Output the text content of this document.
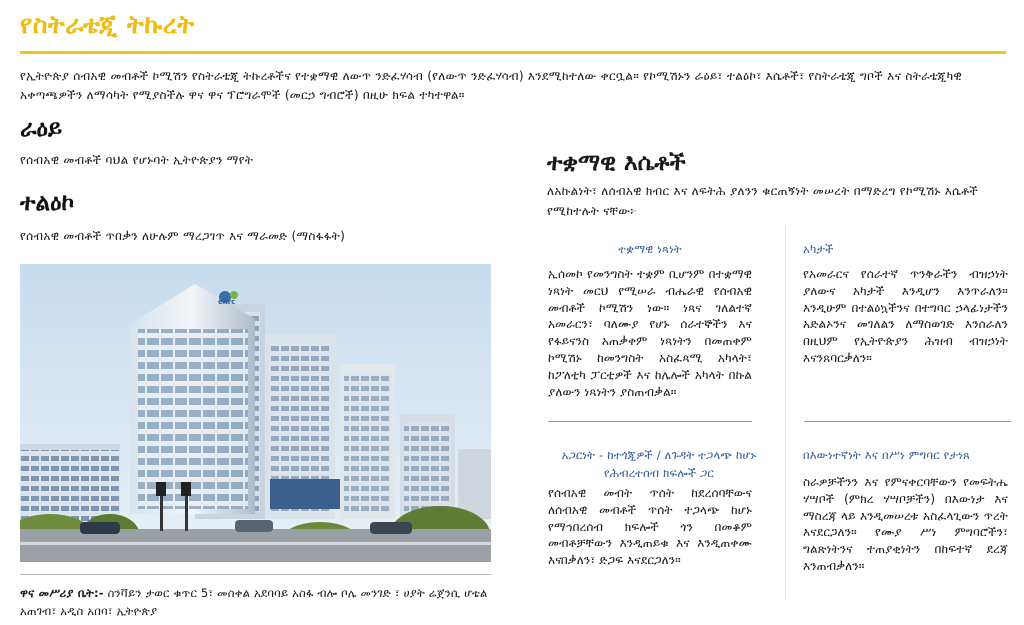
የስትራቴጂ ትኩረት

የኢትዮጵያ ሰብአዊ መብቶች ኮሚሽን የስትራቴጂ ትኩረቶችና የተቋማዊ ለውጥ ንድፈሃሳብ (የለውጥ ንድፈሃሳብ) እንደሚከተለው ቀርቧል። የኮሚሽኑን ራዕይ፣ ተልዕኮ፣ እሴቶች፣ የስትራቴጂ ግቦች እና ስትራቴጂካዊ አቀጣጫዎችን ለማሳካት የሚያስችሉ ዋና ዋና ፕሮግራሞች (መርኃ ግብሮች) በዚሁ ክፍል ተካተዋል።

ራዕይ

የሰብአዊ መብቶች ባህል የሆኑባት ኢትዮጵያን ማየት

ተልዕኮ

የሰብአዊ መብቶች ጥበቃን ለሁሉም ማረጋገጥ እና ማራመድ (ማስፋፋት)

ehrc

ዋና መሥሪያ ቤት:- ስንቫይን ታወር ቁጥር 5፣ መስቀል አደባባይ አስፋ ብሎ ቦሌ መንገድ ፣ ሀያት ሬጀንሲ ሆቴል አጠገብ፣ አዲስ አበባ፣ ኢትዮጵያ

ተቋማዊ እሴቶች

ለአኩልነት፣ ለሰብአዊ ክብር እና ለፍትሕ ያለንን ቁርጠኝነት መሠረት በማድረግ የኮሚሽኑ እሴቶች የሚከተሉት ናቸው፦

ተቋማዊ ነጻነት

ኢሰመኮ የመንግስት ተቋም ቢሆንም በተቋማዊ ነጻነት መርህ የሚሠራ ብሔራዊ የሰብአዊ መብቶች ኮሚሽን ነው። ነጻና ገለልተኛ አመራርን፣ ባለሙያ የሆኑ ሰራተኞችን እና የፋይናንስ አጠቃቀም ነጻነትን በመጠቀም ኮሚሽኑ ከመንግስት አስፈጻሚ አካላት፣ ከፖለቲካ ፓርቲዎች እና ከሌሎች አካላት በኩል ያለውን ነጻነትን ያስጠብቃል።

አካታች

የአመራርና የሰራተኛ ጥንቅራችን ብዝኃነት ያለውና አካታች እንዲሆን እንጥራለን። እንዲሁም በተልዕኳችንና በተግባር ኃላፊነታችን አድልኦንና መገለልን ለማስወገድ እንሰራለን በዚህም የኢትዮጵያን ሕዝብ ብዝኃነት እናንጸባርቃለን።

አጋርነት - ከተጎጂዎች / ለጉዳት ተጋላጭ ከሆኑ የሕብረተሰብ ክፍሎች ጋር

የሰብአዊ መብት ጥሰት ከደረሰባቸውና ለሰብአዊ መብቶች ጥሰት ተጋላጭ ከሆኑ የማኅበረሰብ ክፍሎች ጎን በመቆም መብቶቻቸውን እንዲጠይቁ እና እንዲጠቀሙ እናበቃለን፣ ድጋፍ እናደርጋለን።

በእውነተኛነት እና በሥነ ምግባር የታነጸ

ስራዎቻችንን እና የምናቀርባቸውን የመፍትሔ ሃሣቦች (ምክረ ሃሣቦቻችን) በእውነታ እና ማስረጃ ላይ እንዲመሠረቱ አስፈላጊውን ጥረት እናደርጋለን። የሙያ ሥነ ምግባሮችን፣ ግልጽነትንና ተጠያቂነትን በከፍተኛ ደረጃ እንጠብቃለን።
